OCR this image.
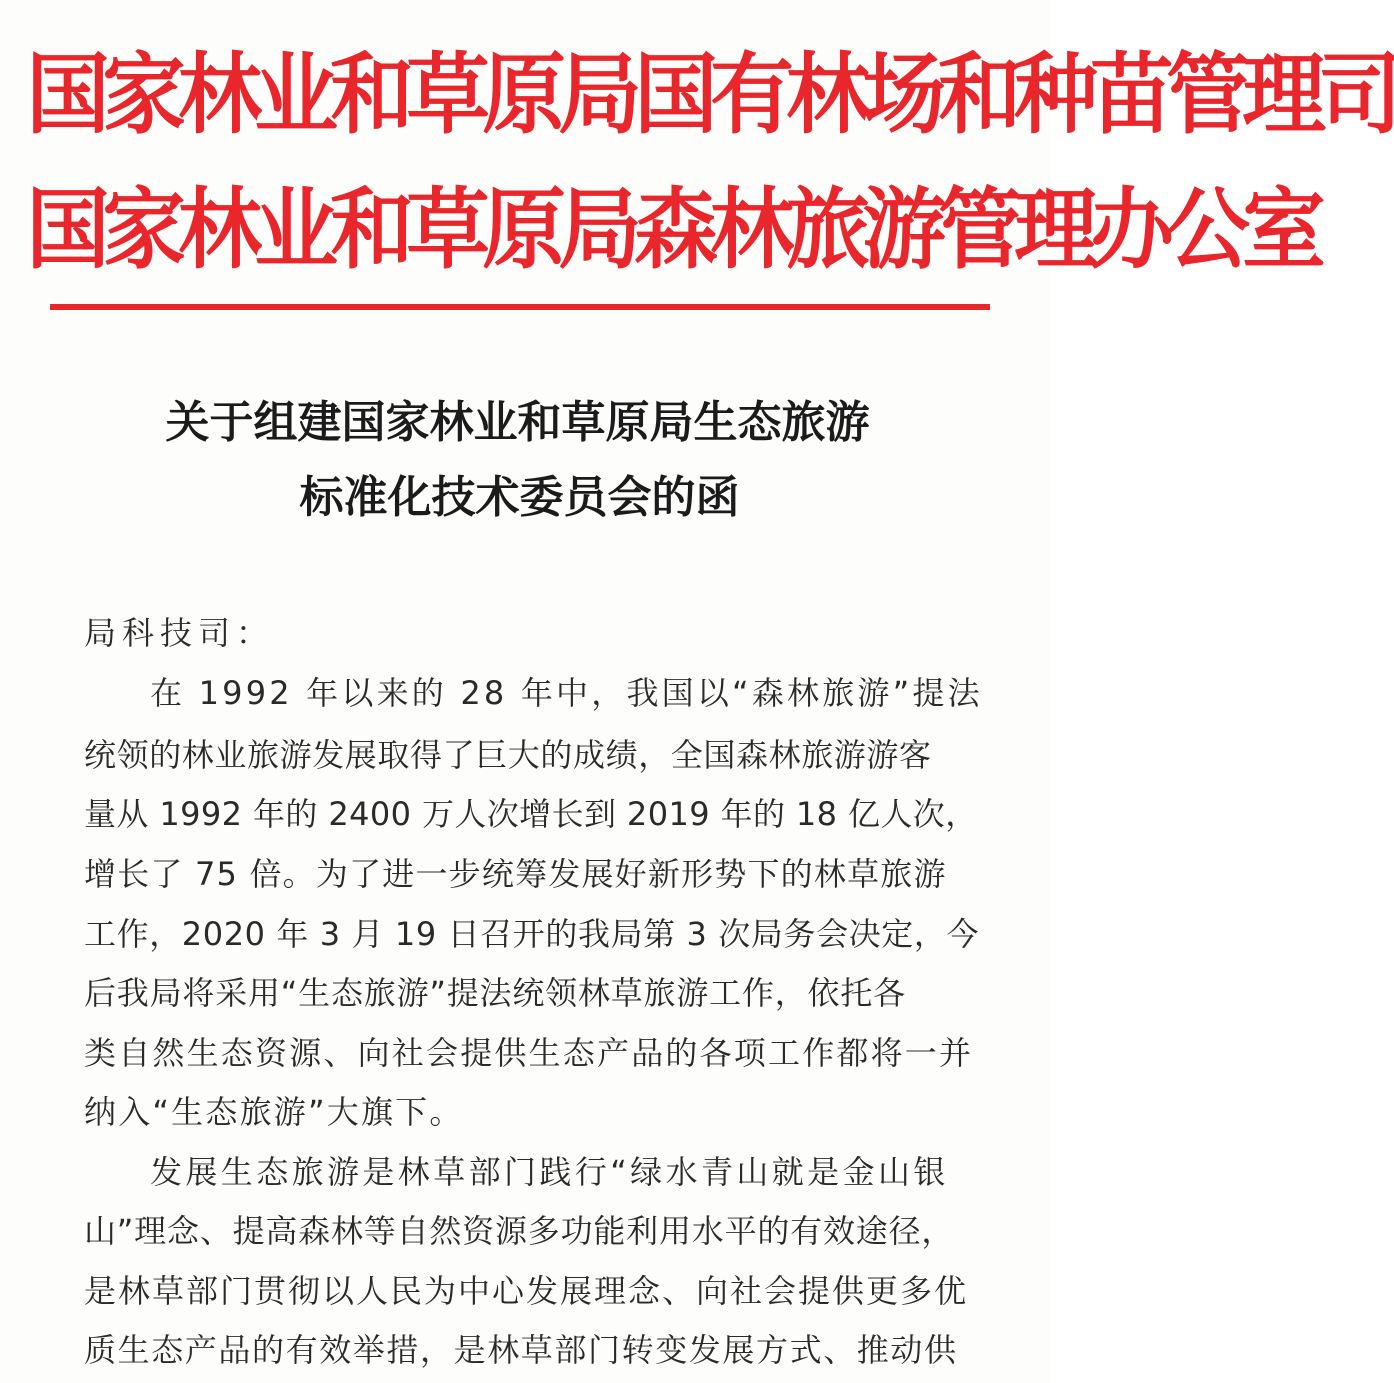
国家林业和草原局国有林场和种苗管理司
国家林业和草原局森林旅游管理办公室
关于组建国家林业和草原局生态旅游
标准化技术委员会的函
局科技司：
在 1992 年以来的 28 年中，我国以“森林旅游”提法
统领的林业旅游发展取得了巨大的成绩，全国森林旅游游客
量从 1992 年的 2400 万人次增长到 2019 年的 18 亿人次，
增长了 75 倍。为了进一步统筹发展好新形势下的林草旅游
工作，2020 年 3 月 19 日召开的我局第 3 次局务会决定，今
后我局将采用“生态旅游”提法统领林草旅游工作，依托各
类自然生态资源、向社会提供生态产品的各项工作都将一并
纳入“生态旅游”大旗下。
发展生态旅游是林草部门践行“绿水青山就是金山银
山”理念、提高森林等自然资源多功能利用水平的有效途径，
是林草部门贯彻以人民为中心发展理念、向社会提供更多优
质生态产品的有效举措，是林草部门转变发展方式、推动供
